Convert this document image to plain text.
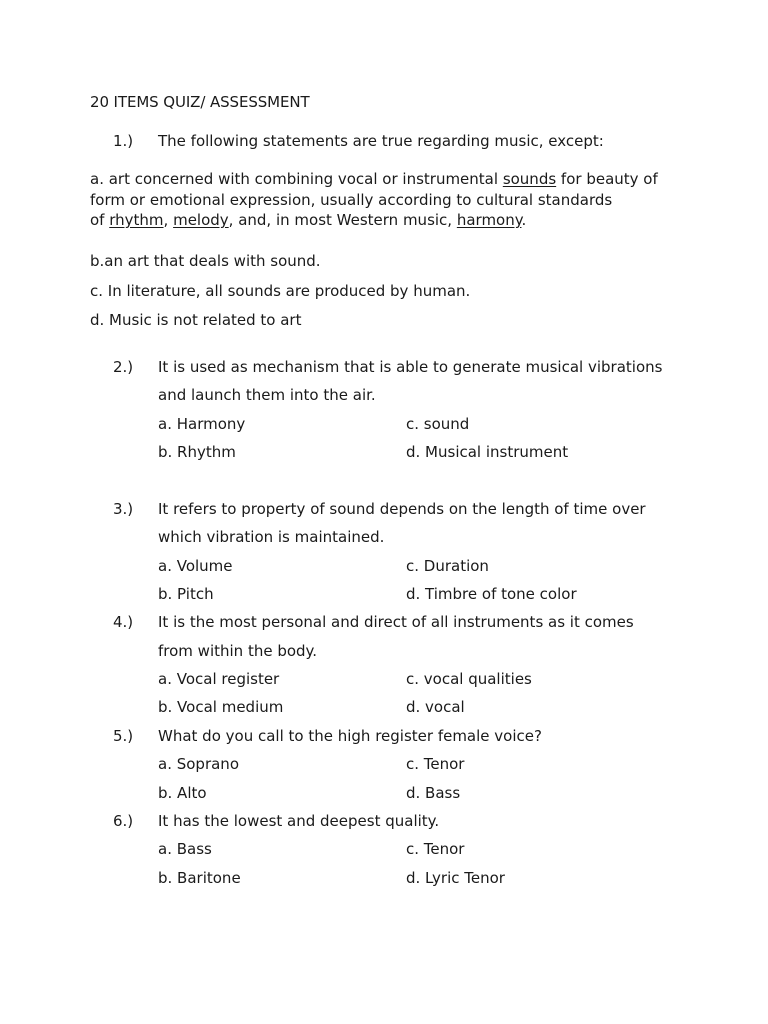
20 ITEMS QUIZ/ ASSESSMENT
1.) The following statements are true regarding music, except:
a. art concerned with combining vocal or instrumental sounds for beauty of
form or emotional expression, usually according to cultural standards
of rhythm, melody, and, in most Western music, harmony.
b.an art that deals with sound.
c. In literature, all sounds are produced by human.
d. Music is not related to art
2.) It is used as mechanism that is able to generate musical vibrations
and launch them into the air.
a. Harmony	c. sound
b. Rhythm	d. Musical instrument
3.) It refers to property of sound depends on the length of time over
which vibration is maintained.
a. Volume	c. Duration
b. Pitch	d. Timbre of tone color
4.) It is the most personal and direct of all instruments as it comes
from within the body.
a. Vocal register	c. vocal qualities
b. Vocal medium	d. vocal
5.) What do you call to the high register female voice?
a. Soprano	c. Tenor
b. Alto	d. Bass
6.) It has the lowest and deepest quality.
a. Bass	c. Tenor
b. Baritone	d. Lyric Tenor
